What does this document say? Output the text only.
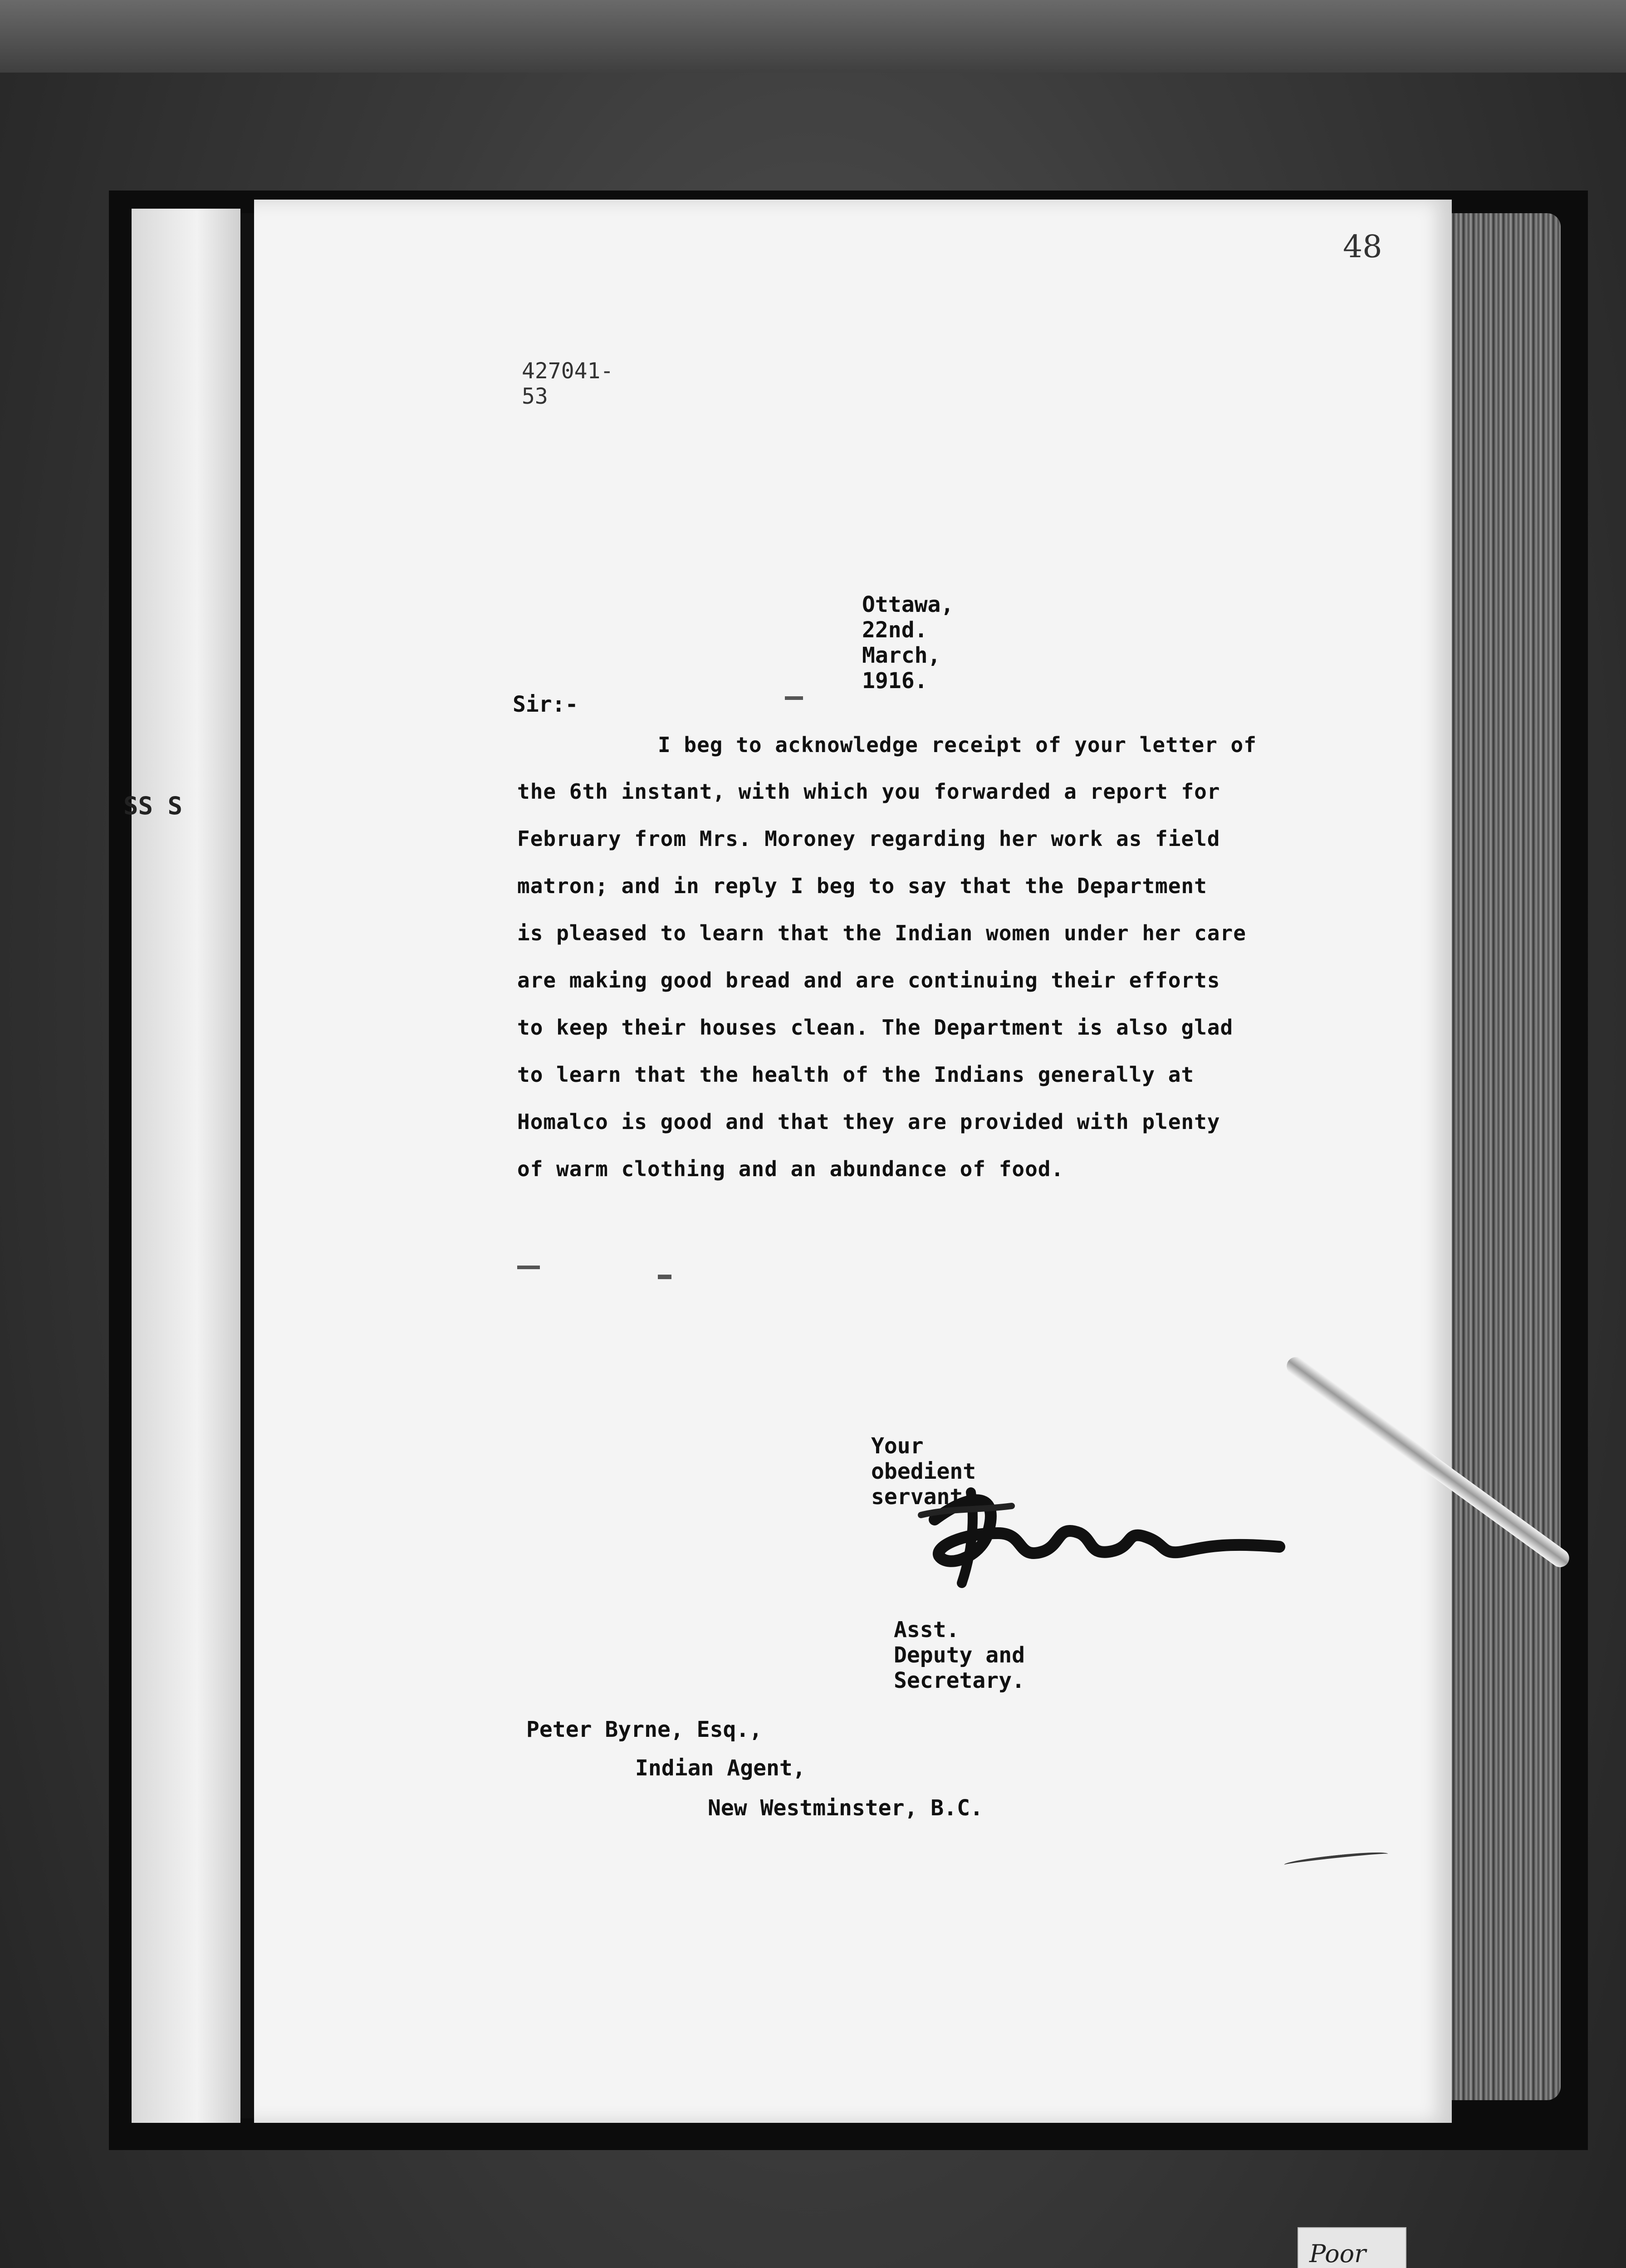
SS S
48
427041-53
Ottawa, 22nd. March, 1916.
Sir:-
I beg to acknowledge receipt of your letter of
the 6th instant, with which you forwarded a report for
February from Mrs. Moroney regarding her work as field
matron; and in reply I beg to say that the Department
is pleased to learn that the Indian women under her care
are making good bread and are continuing their efforts
to keep their houses clean. The Department is also glad
to learn that the health of the Indians generally at
Homalco is good and that they are provided with plenty
of warm clothing and an abundance of food.
Your obedient servant,
Asst. Deputy and Secretary.
Peter Byrne, Esq.,
Indian Agent,
New Westminster, B.C.
Poor
